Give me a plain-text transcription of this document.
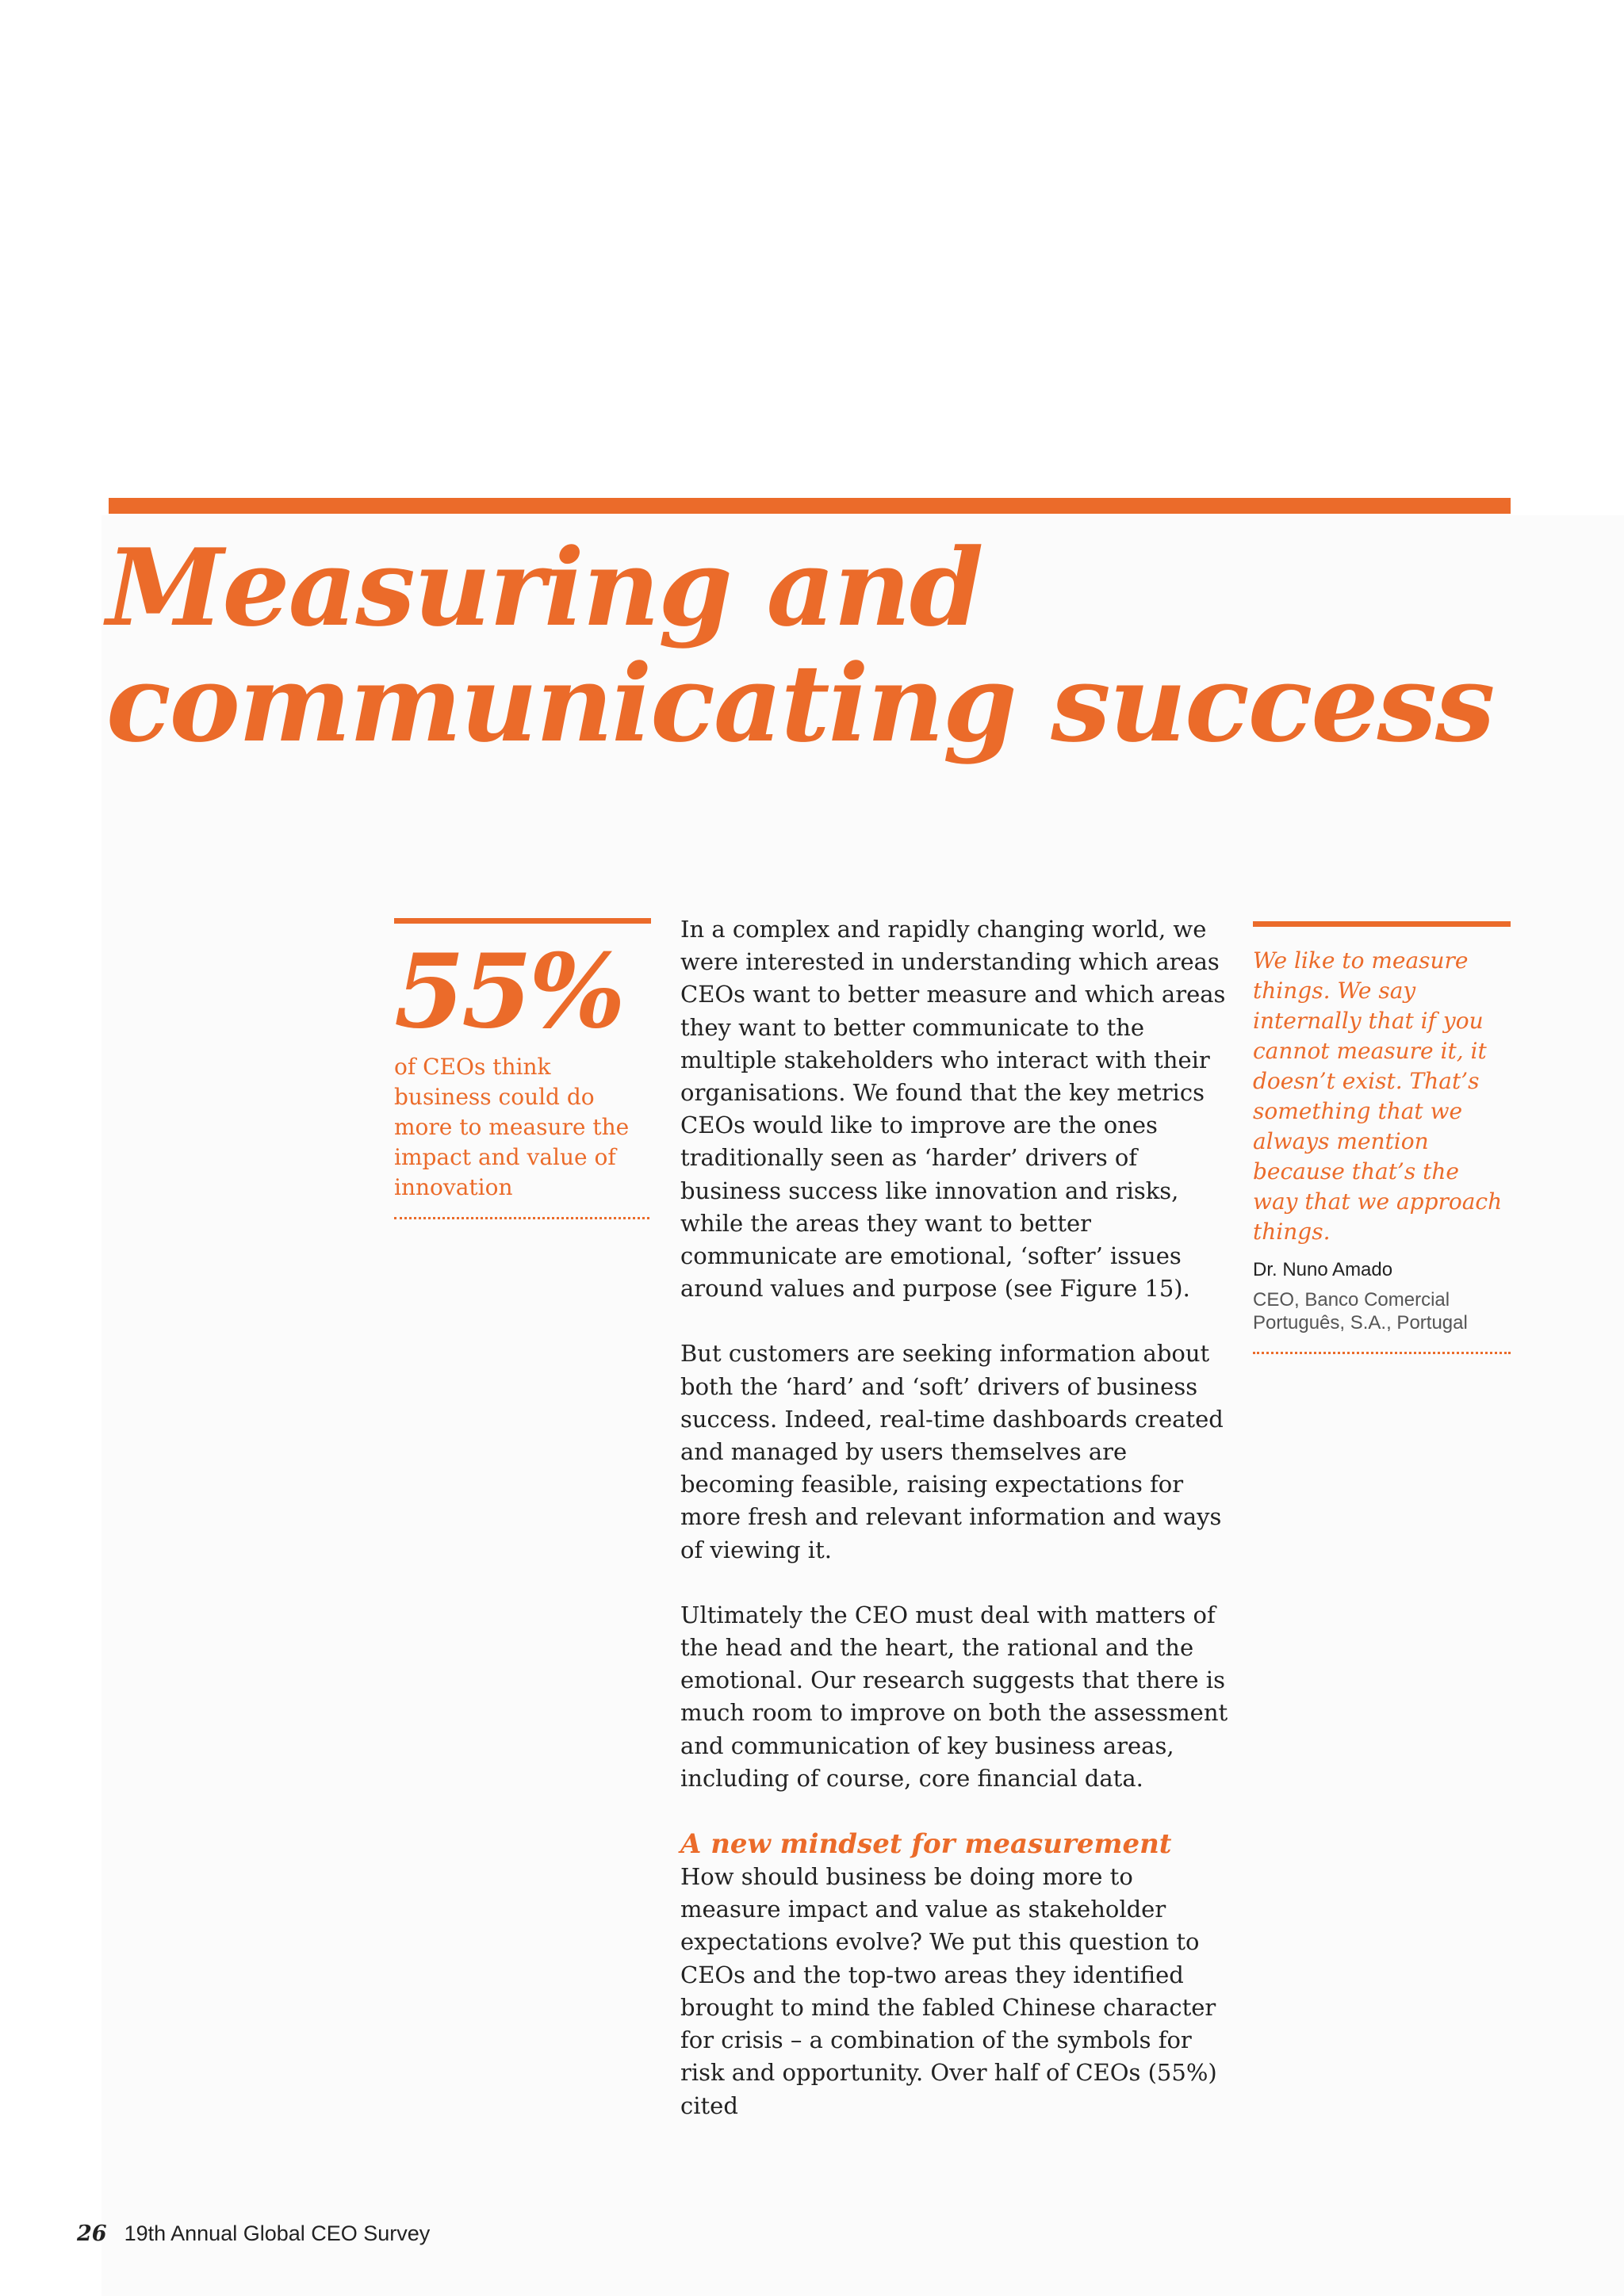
Measuring and
communicating success
55%
of CEOs think business could do more to measure the impact and value of innovation

In a complex and rapidly changing world, we were interested in understanding which areas CEOs want to better measure and which areas they want to better communicate to the multiple stakeholders who interact with their organisations. We found that the key metrics CEOs would like to improve are the ones traditionally seen as ‘harder’ drivers of business success like innovation and risks, while the areas they want to better communicate are emotional, ‘softer’ issues around values and purpose (see Figure 15).

But customers are seeking information about both the ‘hard’ and ‘soft’ drivers of business success. Indeed, real-time dashboards created and managed by users themselves are becoming feasible, raising expectations for more fresh and relevant information and ways of viewing it.

Ultimately the CEO must deal with matters of the head and the heart, the rational and the emotional. Our research suggests that there is much room to improve on both the assessment and communication of key business areas, including of course, core financial data.

A new mindset for measurement

How should business be doing more to measure impact and value as stakeholder expectations evolve? We put this question to CEOs and the top-two areas they identified brought to mind the fabled Chinese character for crisis – a combination of the symbols for risk and opportunity. Over half of CEOs (55%) cited

We like to measure things. We say internally that if you cannot measure it, it doesn’t exist. That’s something that we always mention because that’s the way that we approach things.
Dr. Nuno Amado
CEO, Banco Comercial Português, S.A., Portugal
26 19th Annual Global CEO Survey
